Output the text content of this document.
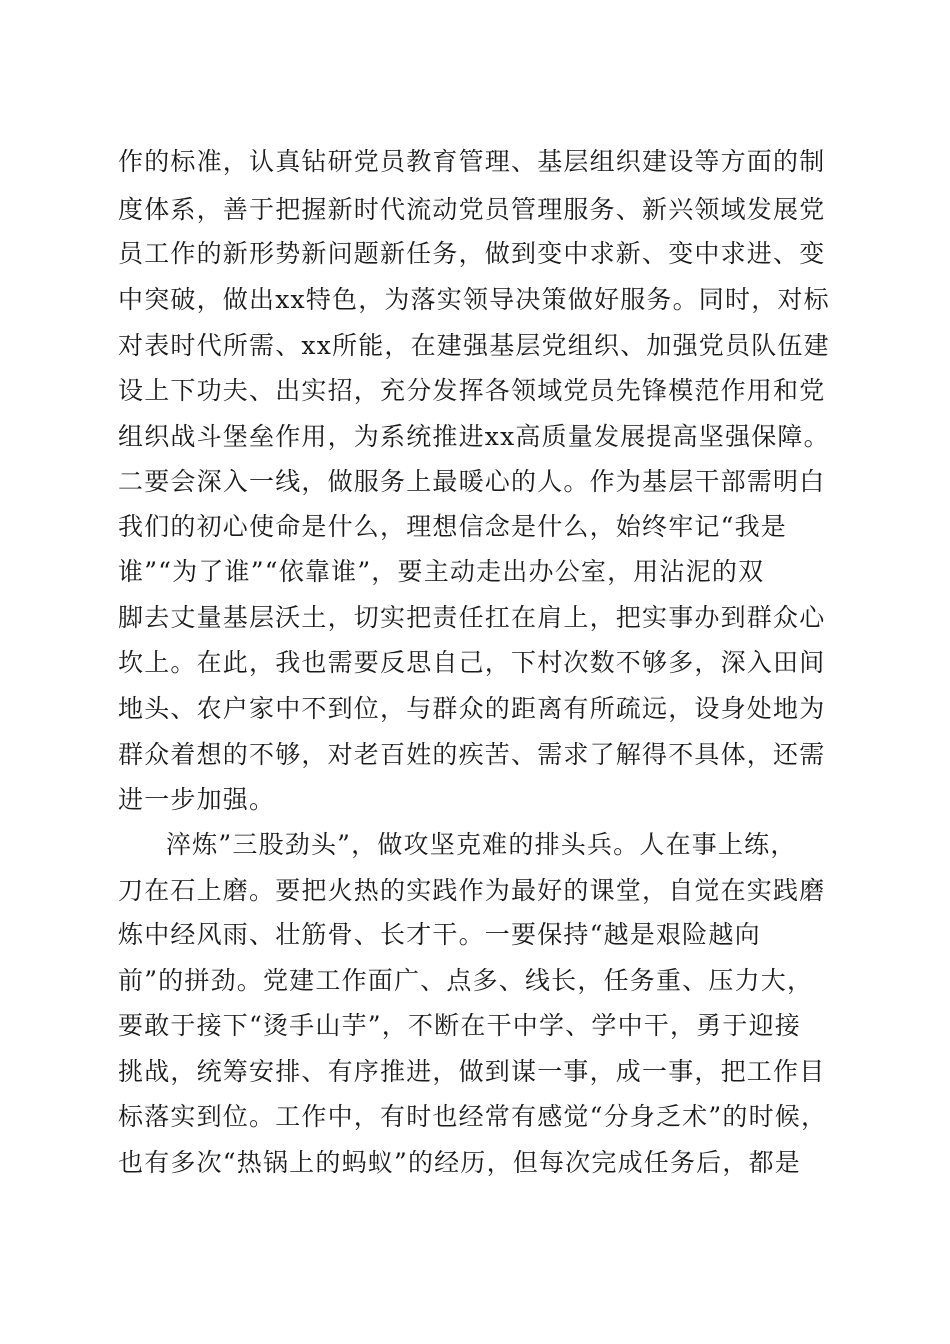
作的标准，认真钻研党员教育管理、基层组织建设等方面的制
度体系，善于把握新时代流动党员管理服务、新兴领域发展党
员工作的新形势新问题新任务，做到变中求新、变中求进、变
中突破，做出xx特色，为落实领导决策做好服务。同时，对标
对表时代所需、xx所能，在建强基层党组织、加强党员队伍建
设上下功夫、出实招，充分发挥各领域党员先锋模范作用和党
组织战斗堡垒作用，为系统推进xx高质量发展提高坚强保障。
二要会深入一线，做服务上最暖心的人。作为基层干部需明白
我们的初心使命是什么，理想信念是什么，始终牢记“我是
谁”“为了谁”“依靠谁”，要主动走出办公室，用沾泥的双
脚去丈量基层沃土，切实把责任扛在肩上，把实事办到群众心
坎上。在此，我也需要反思自己，下村次数不够多，深入田间
地头、农户家中不到位，与群众的距离有所疏远，设身处地为
群众着想的不够，对老百姓的疾苦、需求了解得不具体，还需
进一步加强。
淬炼”三股劲头”，做攻坚克难的排头兵。人在事上练，
刀在石上磨。要把火热的实践作为最好的课堂，自觉在实践磨
炼中经风雨、壮筋骨、长才干。一要保持“越是艰险越向
前”的拼劲。党建工作面广、点多、线长，任务重、压力大，
要敢于接下“烫手山芋”，不断在干中学、学中干，勇于迎接
挑战，统筹安排、有序推进，做到谋一事，成一事，把工作目
标落实到位。工作中，有时也经常有感觉“分身乏术”的时候，
也有多次“热锅上的蚂蚁”的经历，但每次完成任务后，都是
